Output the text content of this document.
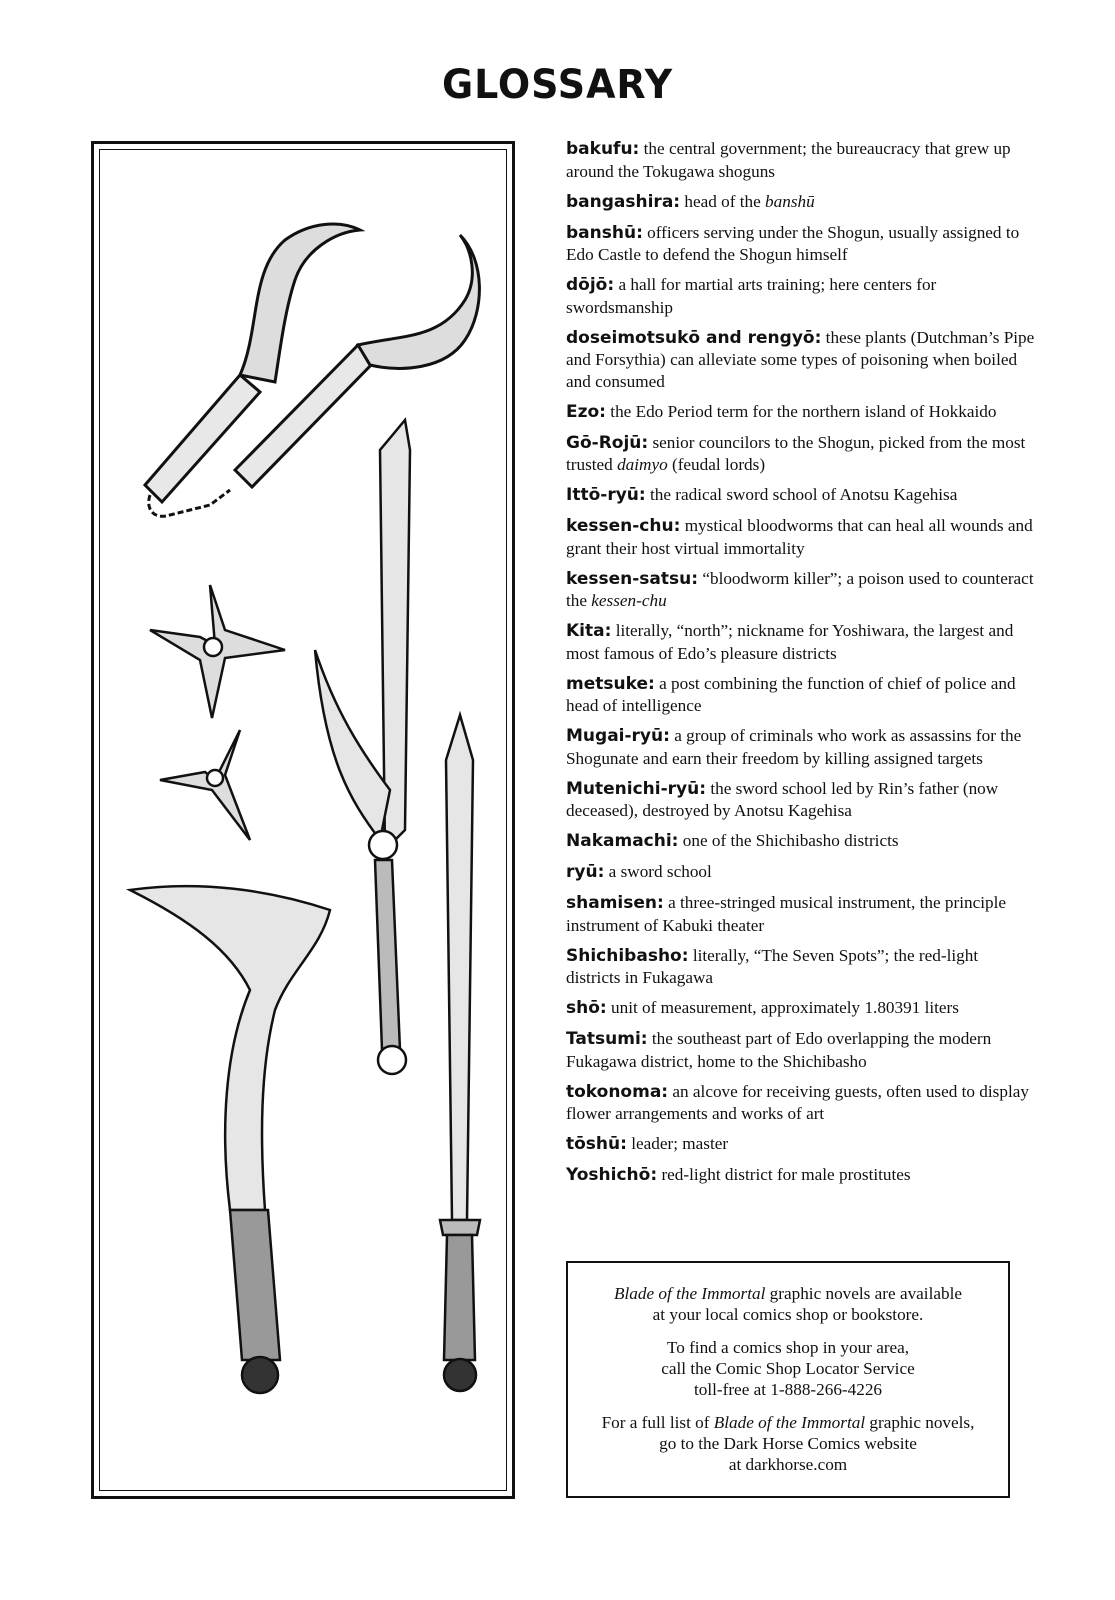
GLOSSARY
bakufu: the central government; the bureaucracy that grew up around the Tokugawa shoguns
bangashira: head of the banshū
banshū: officers serving under the Shogun, usually assigned to Edo Castle to defend the Shogun himself
dōjō: a hall for martial arts training; here centers for swordsmanship
doseimotsukō and rengyō: these plants (Dutchman’s Pipe and Forsythia) can alleviate some types of poisoning when boiled and consumed
Ezo: the Edo Period term for the northern island of Hokkaido
Gō-Rojū: senior councilors to the Shogun, picked from the most trusted daimyo (feudal lords)
Ittō-ryū: the radical sword school of Anotsu Kagehisa
kessen-chu: mystical bloodworms that can heal all wounds and grant their host virtual immortality
kessen-satsu: “bloodworm killer”; a poison used to counteract the kessen-chu
Kita: literally, “north”; nickname for Yoshiwara, the largest and most famous of Edo’s pleasure districts
metsuke: a post combining the function of chief of police and head of intelligence
Mugai-ryū: a group of criminals who work as assassins for the Shogunate and earn their freedom by killing assigned targets
Mutenichi-ryū: the sword school led by Rin’s father (now deceased), destroyed by Anotsu Kagehisa
Nakamachi: one of the Shichibasho districts
ryū: a sword school
shamisen: a three-stringed musical instrument, the principle instrument of Kabuki theater
Shichibasho: literally, “The Seven Spots”; the red-light districts in Fukagawa
shō: unit of measurement, approximately 1.80391 liters
Tatsumi: the southeast part of Edo overlapping the modern Fukagawa district, home to the Shichibasho
tokonoma: an alcove for receiving guests, often used to display flower arrangements and works of art
tōshū: leader; master
Yoshichō: red-light district for male prostitutes

Blade of the Immortal graphic novels are available
at your local comics shop or bookstore.

To find a comics shop in your area,
call the Comic Shop Locator Service
toll-free at 1-888-266-4226

For a full list of Blade of the Immortal graphic novels,
go to the Dark Horse Comics website
at darkhorse.com
